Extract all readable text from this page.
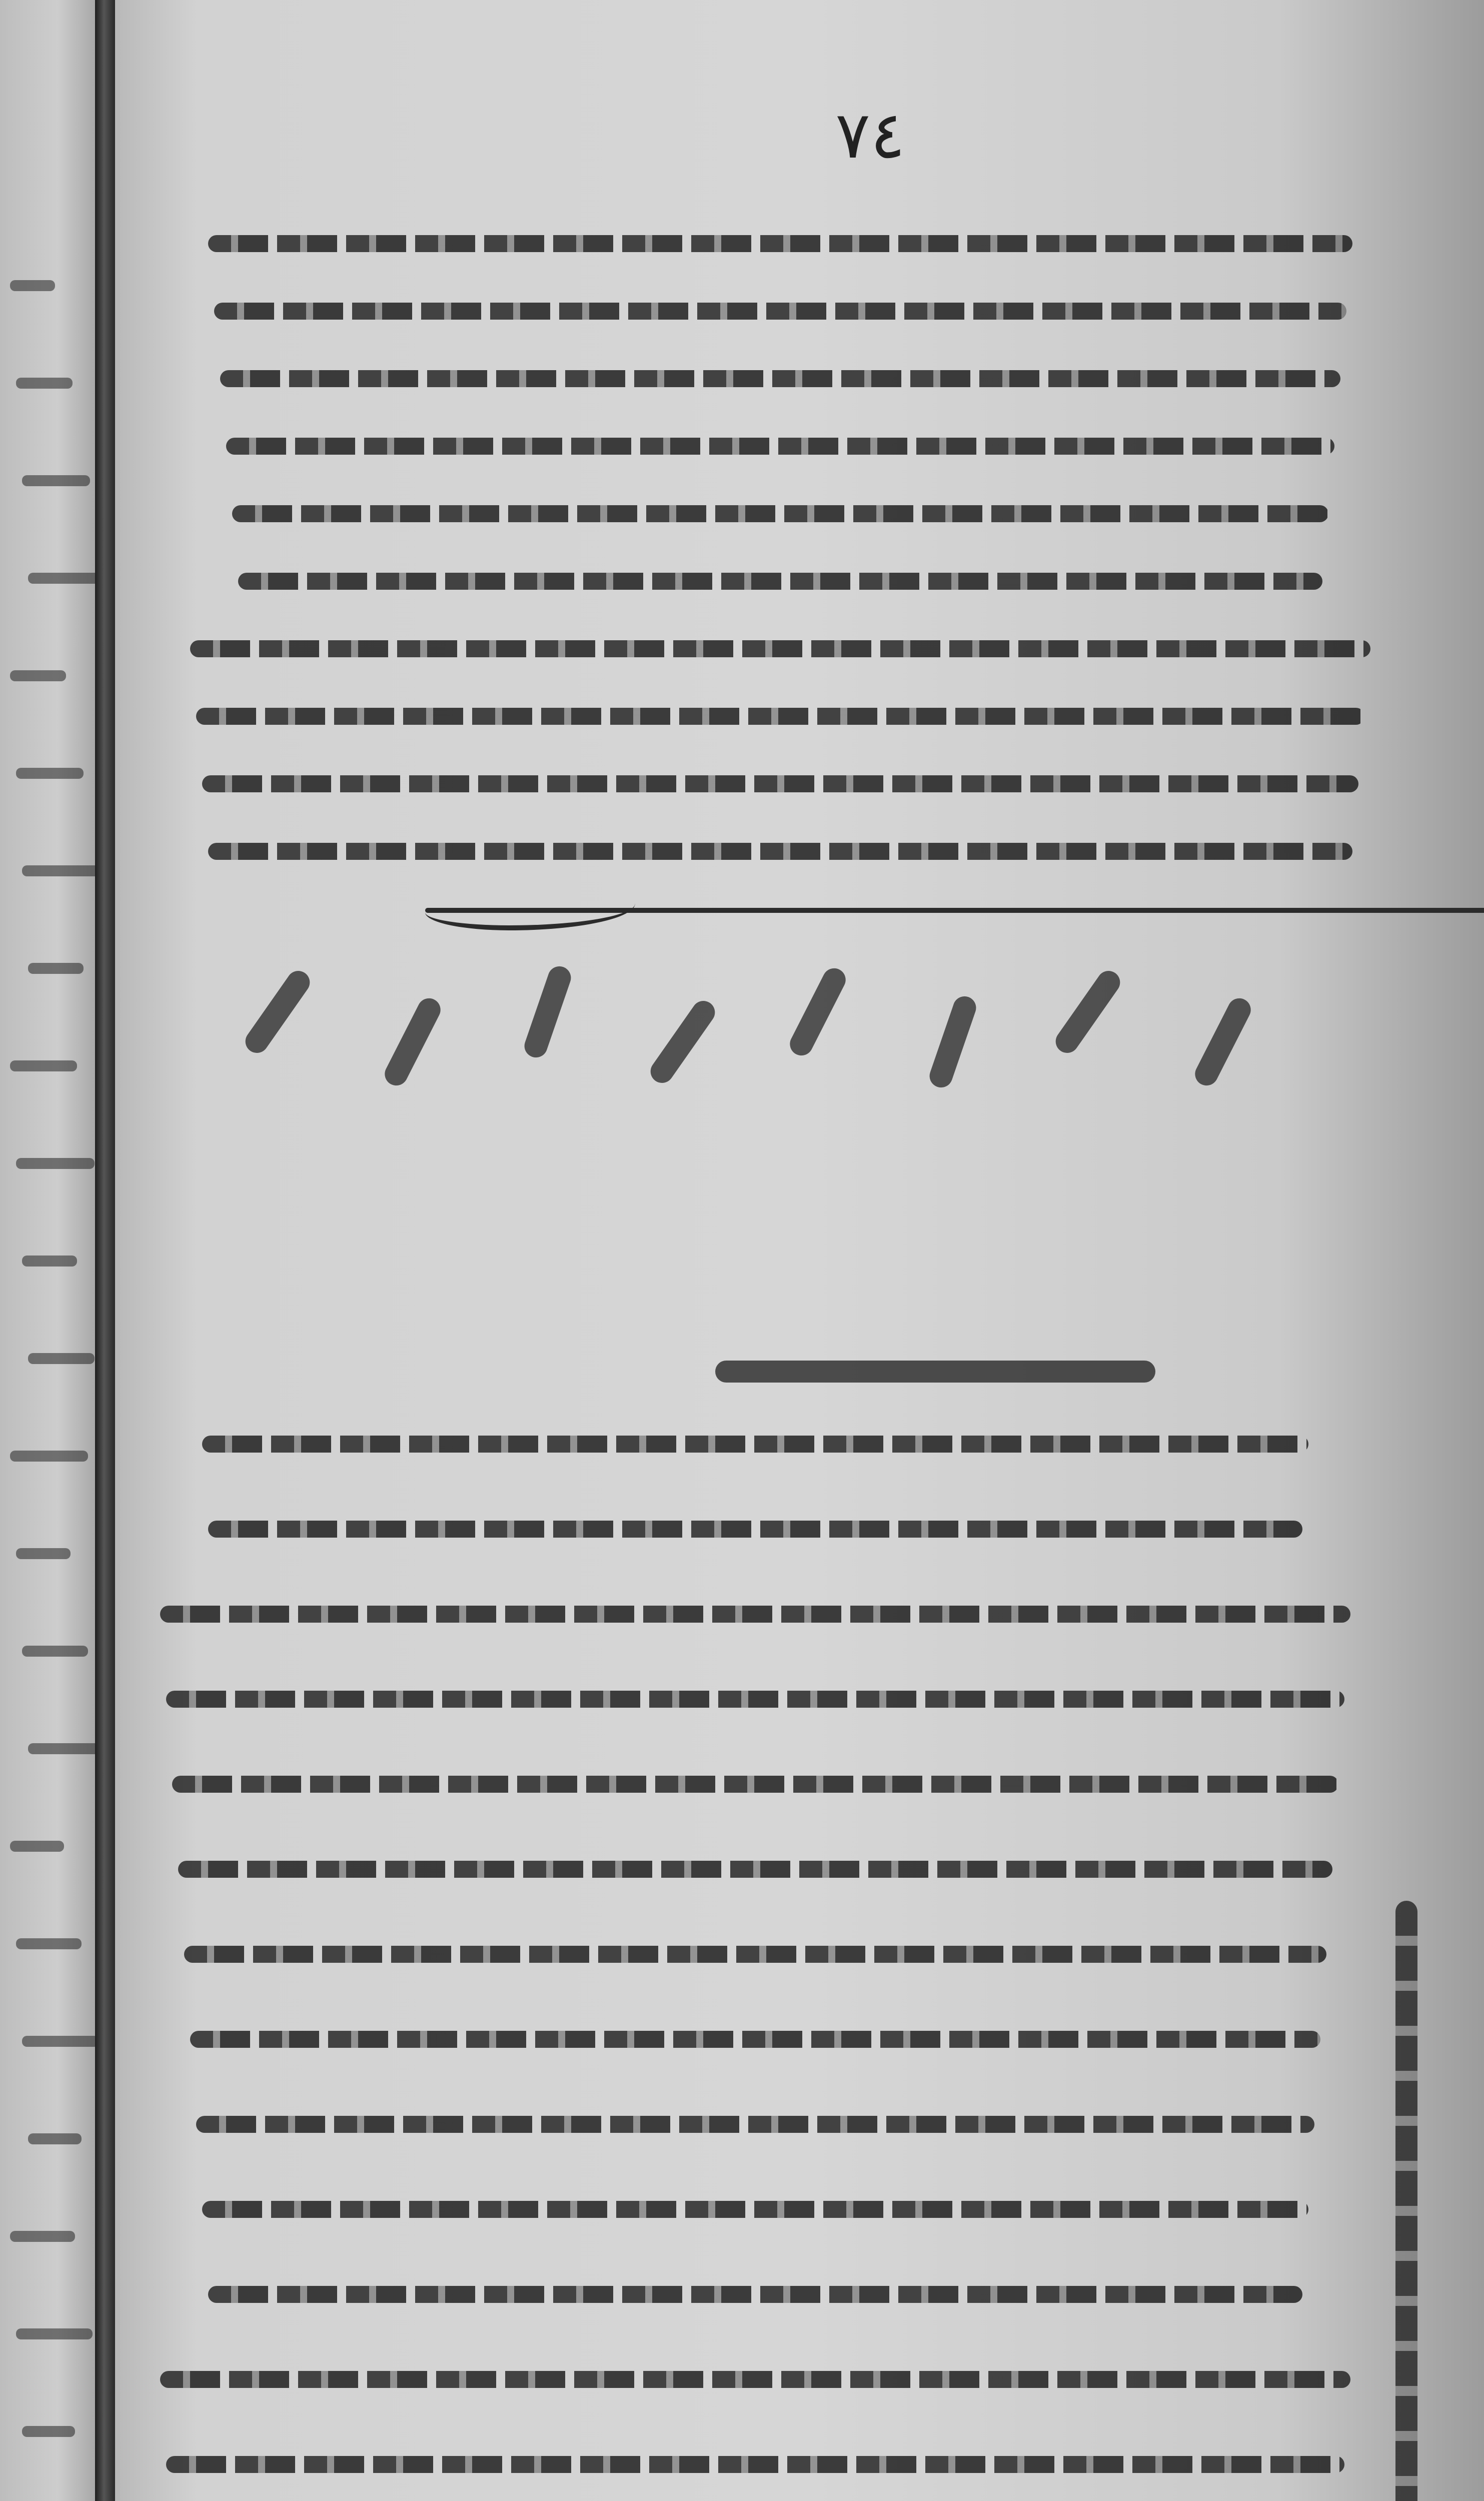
٧٤
